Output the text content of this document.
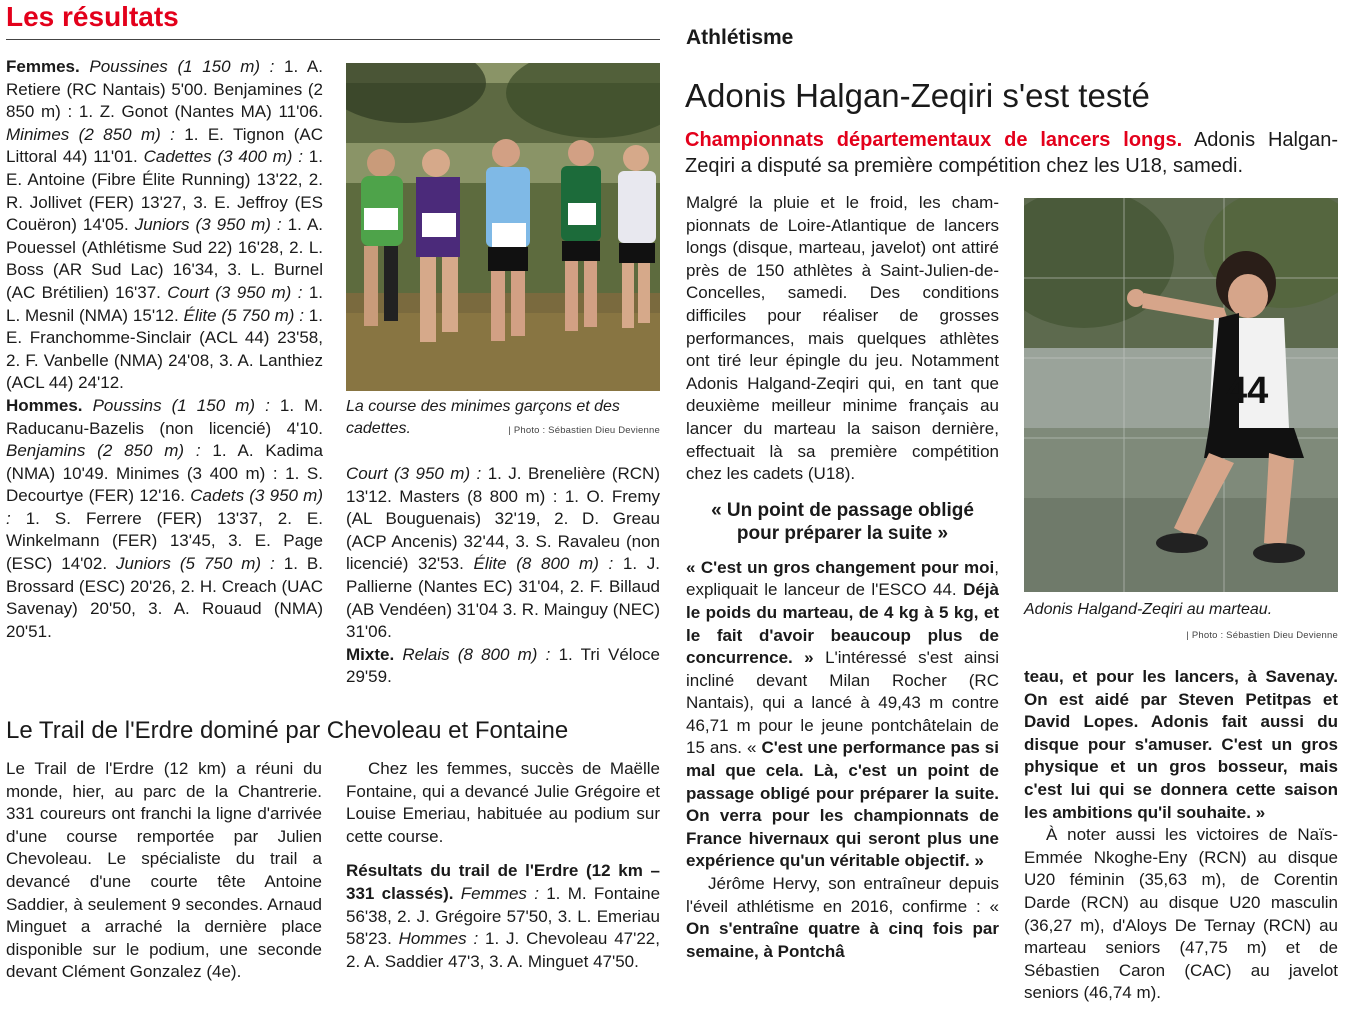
Les résultats
Femmes. Poussines (1 150 m) : 1. A. Retiere (RC Nantais) 5'00. Benjamines (2 850 m) : 1. Z. Gonot (Nantes MA) 11'06. Minimes (2 850 m) : 1. E. Tignon (AC Littoral 44) 11'01. Cadettes (3 400 m) : 1. E. Antoine (Fibre Élite Running) 13'22, 2. R. Jollivet (FER) 13'27, 3. E. Jeffroy (ES Couëron) 14'05. Juniors (3 950 m) : 1. A. Pouessel (Athlétisme Sud 22) 16'28, 2. L. Boss (AR Sud Lac) 16'34, 3. L. Burnel (AC Brétilien) 16'37. Court (3 950 m) : 1. L. Mesnil (NMA) 15'12. Élite (5 750 m) : 1. E. Franchomme-Sinclair (ACL 44) 23'58, 2. F. Vanbelle (NMA) 24'08, 3. A. Lanthiez (ACL 44) 24'12.
Hommes. Poussins (1 150 m) : 1. M. Raducanu-Bazelis (non licencié) 4'10. Benjamins (2 850 m) : 1. A. Kadima (NMA) 10'49. Minimes (3 400 m) : 1. S. Decourtye (FER) 12'16. Cadets (3 950 m) : 1. S. Ferrere (FER) 13'37, 2. E. Winkelmann (FER) 13'45, 3. E. Page (ESC) 14'02. Juniors (5 750 m) : 1. B. Brossard (ESC) 20'26, 2. H. Creach (UAC Savenay) 20'50, 3. A. Rouaud (NMA) 20'51.
La course des minimes garçons et des cadettes.	| Photo : Sébastien Dieu Devienne
Court (3 950 m) : 1. J. Brenelière (RCN) 13'12. Masters (8 800 m) : 1. O. Fremy (AL Bouguenais) 32'19, 2. D. Greau (ACP Ancenis) 32'44, 3. S. Ravaleu (non licencié) 32'53. Élite (8 800 m) : 1. J. Pallierne (Nantes EC) 31'04, 2. F. Billaud (AB Vendéen) 31'04 3. R. Mainguy (NEC) 31'06.
Mixte. Relais (8 800 m) : 1. Tri Véloce 29'59.
Le Trail de l'Erdre dominé par Chevoleau et Fontaine

Le Trail de l'Erdre (12 km) a réuni du monde, hier, au parc de la Chantrerie. 331 coureurs ont franchi la ligne d'arrivée d'une course remportée par Julien Chevoleau. Le spécialiste du trail a devancé d'une courte tête Antoine Saddier, à seulement 9 secondes. Arnaud Minguet a arraché la dernière place disponible sur le podium, une seconde devant Clément Gonzalez (4e).

Chez les femmes, succès de Maëlle Fontaine, qui a devancé Julie Grégoire et Louise Emeriau, habituée au podium sur cette course.

Résultats du trail de l'Erdre (12 km – 331 classés). Femmes : 1. M. Fontaine 56'38, 2. J. Grégoire 57'50, 3. L. Emeriau 58'23. Hommes : 1. J. Chevoleau 47'22, 2. A. Saddier 47'3, 3. A. Minguet 47'50.

Athlétisme
Adonis Halgan-Zeqiri s'est testé
Championnats départementaux de lancers longs. Adonis Halgan-Zeqiri a disputé sa première compétition chez les U18, samedi.

Malgré la pluie et le froid, les championnats de Loire-Atlantique de lancers longs (disque, marteau, javelot) ont attiré près de 150 athlètes à Saint-Julien-de-Concelles, samedi. Des conditions difficiles pour réaliser de grosses performances, mais quelques athlètes ont tiré leur épingle du jeu. Notamment Adonis Halgand-Zeqiri qui, en tant que deuxième meilleur minime français au lancer du marteau la saison dernière, effectuait là sa première compétition chez les cadets (U18).

« Un point de passage obligé pour préparer la suite »

« C'est un gros changement pour moi, expliquait le lanceur de l'ESCO 44. Déjà le poids du marteau, de 4 kg à 5 kg, et le fait d'avoir beaucoup plus de concurrence. » L'intéressé s'est ainsi incliné devant Milan Rocher (RC Nantais), qui a lancé à 49,43 m contre 46,71 m pour le jeune pontchâtelain de 15 ans. « C'est une performance pas si mal que cela. Là, c'est un point de passage obligé pour préparer la suite. On verra pour les championnats de France hivernaux qui seront plus une expérience qu'un véritable objectif. »

Jérôme Hervy, son entraîneur depuis l'éveil athlétisme en 2016, confirme : « On s'entraîne quatre à cinq fois par semaine, à Pontchâ

44
Adonis Halgand-Zeqiri au marteau.
| Photo : Sébastien Dieu Devienne

teau, et pour les lancers, à Savenay. On est aidé par Steven Petitpas et David Lopes. Adonis fait aussi du disque pour s'amuser. C'est un gros physique et un gros bosseur, mais c'est lui qui se donnera cette saison les ambitions qu'il souhaite. »

À noter aussi les victoires de Naïs-Emmée Nkoghe-Eny (RCN) au disque U20 féminin (35,63 m), de Corentin Darde (RCN) au disque U20 masculin (36,27 m), d'Aloys De Ternay (RCN) au marteau seniors (47,75 m) et de Sébastien Caron (CAC) au javelot seniors (46,74 m).
